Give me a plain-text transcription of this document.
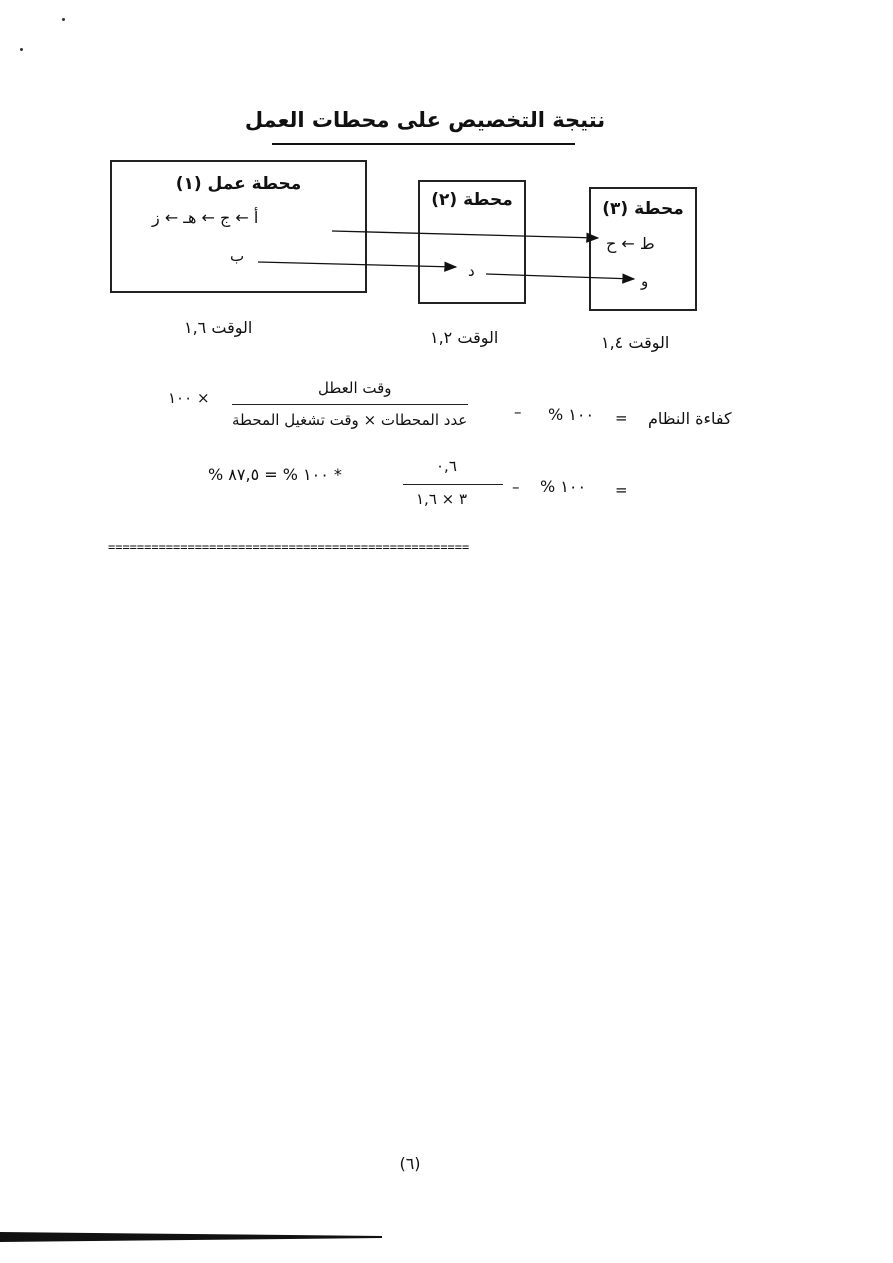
نتيجة التخصيص على محطات العمل
محطة عمل (١)
أ ← ج ← هـ ← ز
ب
محطة (٢)
د
محطة (٣)
ط ← ح
و
الوقت ١,٦
الوقت ١,٢	الوقت ١,٤
كفاءة النظام
=
١٠٠ %
–
وقت العطل
عدد المحطات × وقت تشغيل المحطة
× ١٠٠
=
١٠٠ %
–
٠,٦
٣ × ١,٦
* ١٠٠ % = ٨٧,٥ %
==================================================
(٦)
